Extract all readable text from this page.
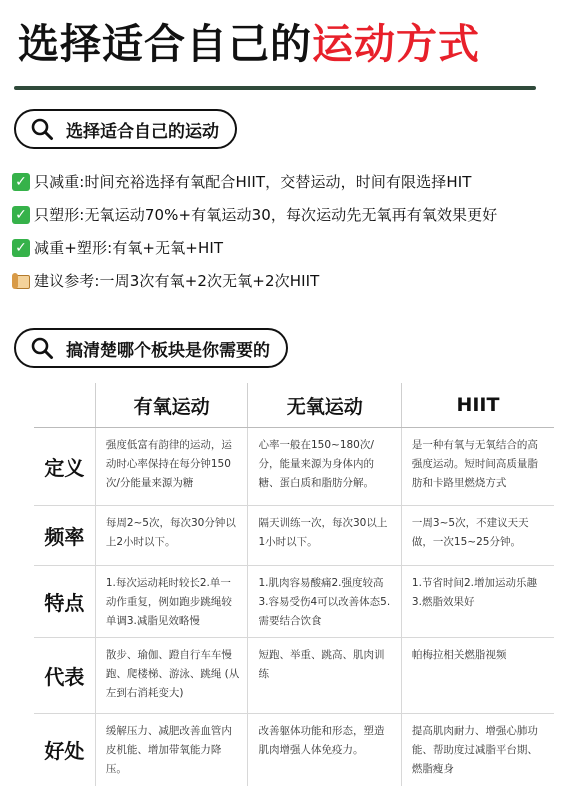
选择适合自己的运动方式
选择适合自己的运动
✓ 只减重:时间充裕选择有氧配合HIIT，交替运动，时间有限选择HIT
✓ 只塑形:无氧运动70%+有氧运动30，每次运动先无氧再有氧效果更好
✓ 减重+塑形:有氧+无氧+HIT
建议参考:一周3次有氧+2次无氧+2次HIIT
搞清楚哪个板块是你需要的
	有氧运动	无氧运动	HIIT
定义	强度低富有韵律的运动，运动时心率保持在每分钟150次/分能量来源为糖	心率一般在150~180次/分，能量来源为身体内的糖、蛋白质和脂肪分解。	是一种有氧与无氧结合的高强度运动。短时间高质量脂肪和卡路里燃烧方式
频率	每周2~5次，每次30分钟以上2小时以下。	隔天训练一次，每次30以上1小时以下。	一周3~5次，不建议天天做，一次15~25分钟。
特点	1.每次运动耗时较长2.单一动作重复，例如跑步跳绳较单调3.减脂见效略慢	1.肌肉容易酸痛2.强度较高3.容易受伤4可以改善体态5.需要结合饮食	1.节省时间2.增加运动乐趣3.燃脂效果好
代表	散步、瑜伽、蹬自行车车慢跑、爬楼梯、游泳、跳绳 (从左到右消耗变大)	短跑、举重、跳高、肌肉训练	帕梅拉相关燃脂视频
好处	缓解压力、减肥改善血管内皮机能、增加带氧能力降压。	改善躯体功能和形态，塑造肌肉增强人体免疫力。	提高肌肉耐力、增强心肺功能、帮助度过减脂平台期、燃脂瘦身
